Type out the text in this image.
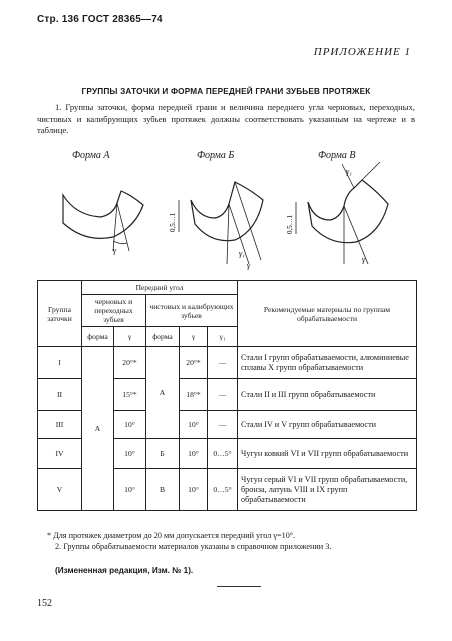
Стр. 136 ГОСТ 28365—74
ПРИЛОЖЕНИЕ 1
ГРУППЫ ЗАТОЧКИ И ФОРМА ПЕРЕДНЕЙ ГРАНИ ЗУБЬЕВ ПРОТЯЖЕК
1. Группы заточки, форма передней грани и величина переднего угла черновых, переходных, чистовых и калибрующих зубьев протяжек должны соответствовать указанным на чертеже и в таблице.
Форма А	Форма Б	Форма В
γ
0,5…1
γ₁
γ
0,5…1
γ₁
γ
Группа заточки	Передний угол					Рекомендуемые материалы по группам обрабатываемости
	черновых и переходных зубьев		чистовых и калибрующих зубьев			
	форма	γ	форма	γ	γ₁	
I	А	20°*	А	20°*	—	Стали I групп обрабатываемости, алюминиевые сплавы X групп обрабатываемости
II		15°*		18°*	—	Стали II и III групп обрабатываемости
III		10°		10°	—	Стали IV и V групп обрабатываемости
IV		10°	Б	10°	0…5°	Чугун ковкий VI и VII групп обрабатываемости
V		10°	В	10°	0…5°	Чугун серый VI и VII групп обрабатываемости, бронза, латунь VIII и IX групп обрабатываемости
* Для протяжек диаметром до 20 мм допускается передний угол γ=10°.
2. Группы обрабатываемости материалов указаны в справочном приложении 3.
(Измененная редакция, Изм. № 1).
152
